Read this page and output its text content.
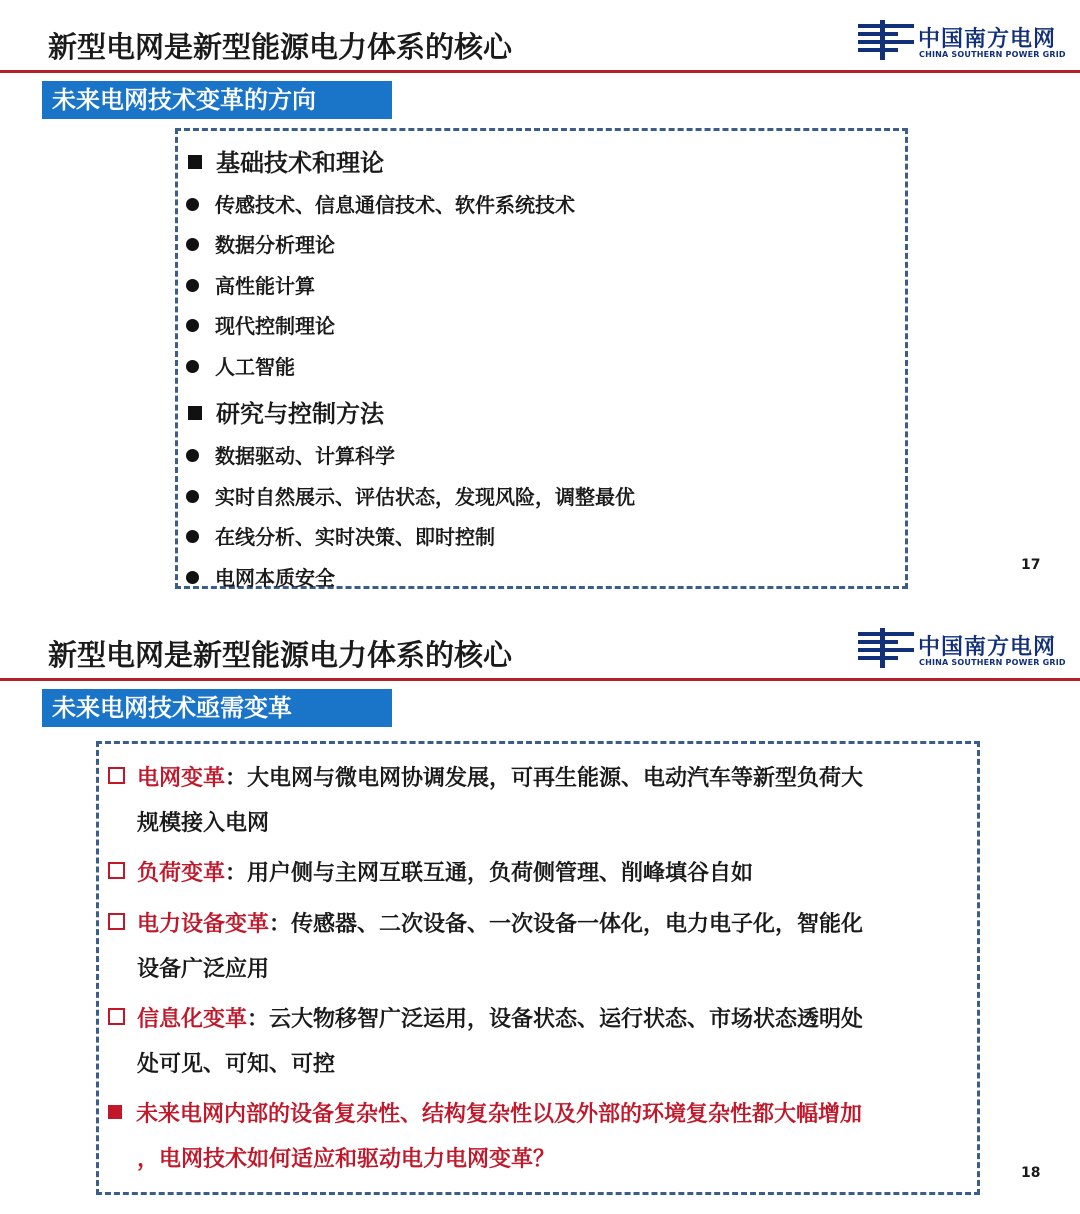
新型电网是新型能源电力体系的核心	中国南方电网
CHINA SOUTHERN POWER GRID
未来电网技术变革的方向
基础技术和理论
传感技术、信息通信技术、软件系统技术
数据分析理论
高性能计算
现代控制理论
人工智能
研究与控制方法
数据驱动、计算科学
实时自然展示、评估状态，发现风险，调整最优
在线分析、实时决策、即时控制
电网本质安全
17
新型电网是新型能源电力体系的核心	中国南方电网
CHINA SOUTHERN POWER GRID
未来电网技术亟需变革
电网变革：大电网与微电网协调发展，可再生能源、电动汽车等新型负荷大
规模接入电网
负荷变革：用户侧与主网互联互通，负荷侧管理、削峰填谷自如
电力设备变革：传感器、二次设备、一次设备一体化，电力电子化，智能化
设备广泛应用
信息化变革：云大物移智广泛运用，设备状态、运行状态、市场状态透明处
处可见、可知、可控
未来电网内部的设备复杂性、结构复杂性以及外部的环境复杂性都大幅增加
，电网技术如何适应和驱动电力电网变革？
18
